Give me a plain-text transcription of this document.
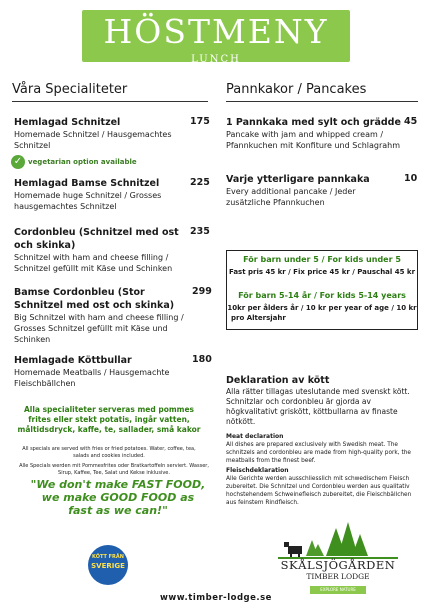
HÖSTMENY
LUNCH
Våra Specialiteter
Hemlagad Schnitzel
Homemade Schnitzel / Hausgemachtes Schnitzel
175
✓ vegetarian option available
Hemlagad Bamse Schnitzel
Homemade huge Schnitzel / Grosses hausgemachtes Schnitzel
225
Cordonbleu (Schnitzel med ost och skinka)
Schnitzel with ham and cheese filling / Schnitzel gefüllt mit Käse und Schinken
235
Bamse Cordonbleu (Stor Schnitzel med ost och skinka)
Big Schnitzel with ham and cheese filling / Grosses Schnitzel gefüllt mit Käse und Schinken
299
Hemlagade Köttbullar
Homemade Meatballs / Hausgemachte Fleischbällchen
180
Alla specialiteter serveras med pommes frites eller stekt potatis, ingår vatten, måltidsdryck, kaffe, te, sallader, små kakor
All specials are served with fries or fried potatoes. Water, coffee, tea, salads and cookies included.
Alle Specials werden mit Pommesfrites oder Bratkartoffeln serviert. Wasser, Sirup, Kaffee, Tee, Salat und Kekse inklusive.
"We don't make FAST FOOD, we make GOOD FOOD as fast as we can!"
KÖTT FRÅN
SVERIGE
Pannkakor / Pancakes
1 Pannkaka med sylt och grädde
Pancake with jam and whipped cream / Pfannkuchen mit Konfiture und Schlagrahm
45
Varje ytterligare pannkaka
Every additional pancake / Jeder zusätzliche Pfannkuchen
10
För barn under 5 / For kids under 5
Fast pris 45 kr / Fix price 45 kr / Pauschal 45 kr
För barn 5-14 år / For kids 5-14 years
10kr per ålders år / 10 kr per year of age / 10 kr
pro Altersjahr
Deklaration av kött
Alla rätter tillagas uteslutande med svenskt kött. Schnitzlar och cordonbleu är gjorda av högkvalitativt griskött, köttbullarna av finaste nötkött.
Meat declaration
All dishes are prepared exclusively with Swedish meat. The schnitzels and cordonbleu are made from high-quality pork, the meatballs from the finest beef.
Fleischdeklaration
Alle Gerichte werden ausschliesslich mit schwedischem Fleisch zubereitet. Die Schnitzel und Cordonbleu werden aus qualitativ hochstehendem Schweinefleisch zubereitet, die Fleischbällchen aus feinstem Rindfleisch.
SKÅLSJÖGÅRDEN
TIMBER LODGE
EXPLORE NATURE
www.timber-lodge.se
